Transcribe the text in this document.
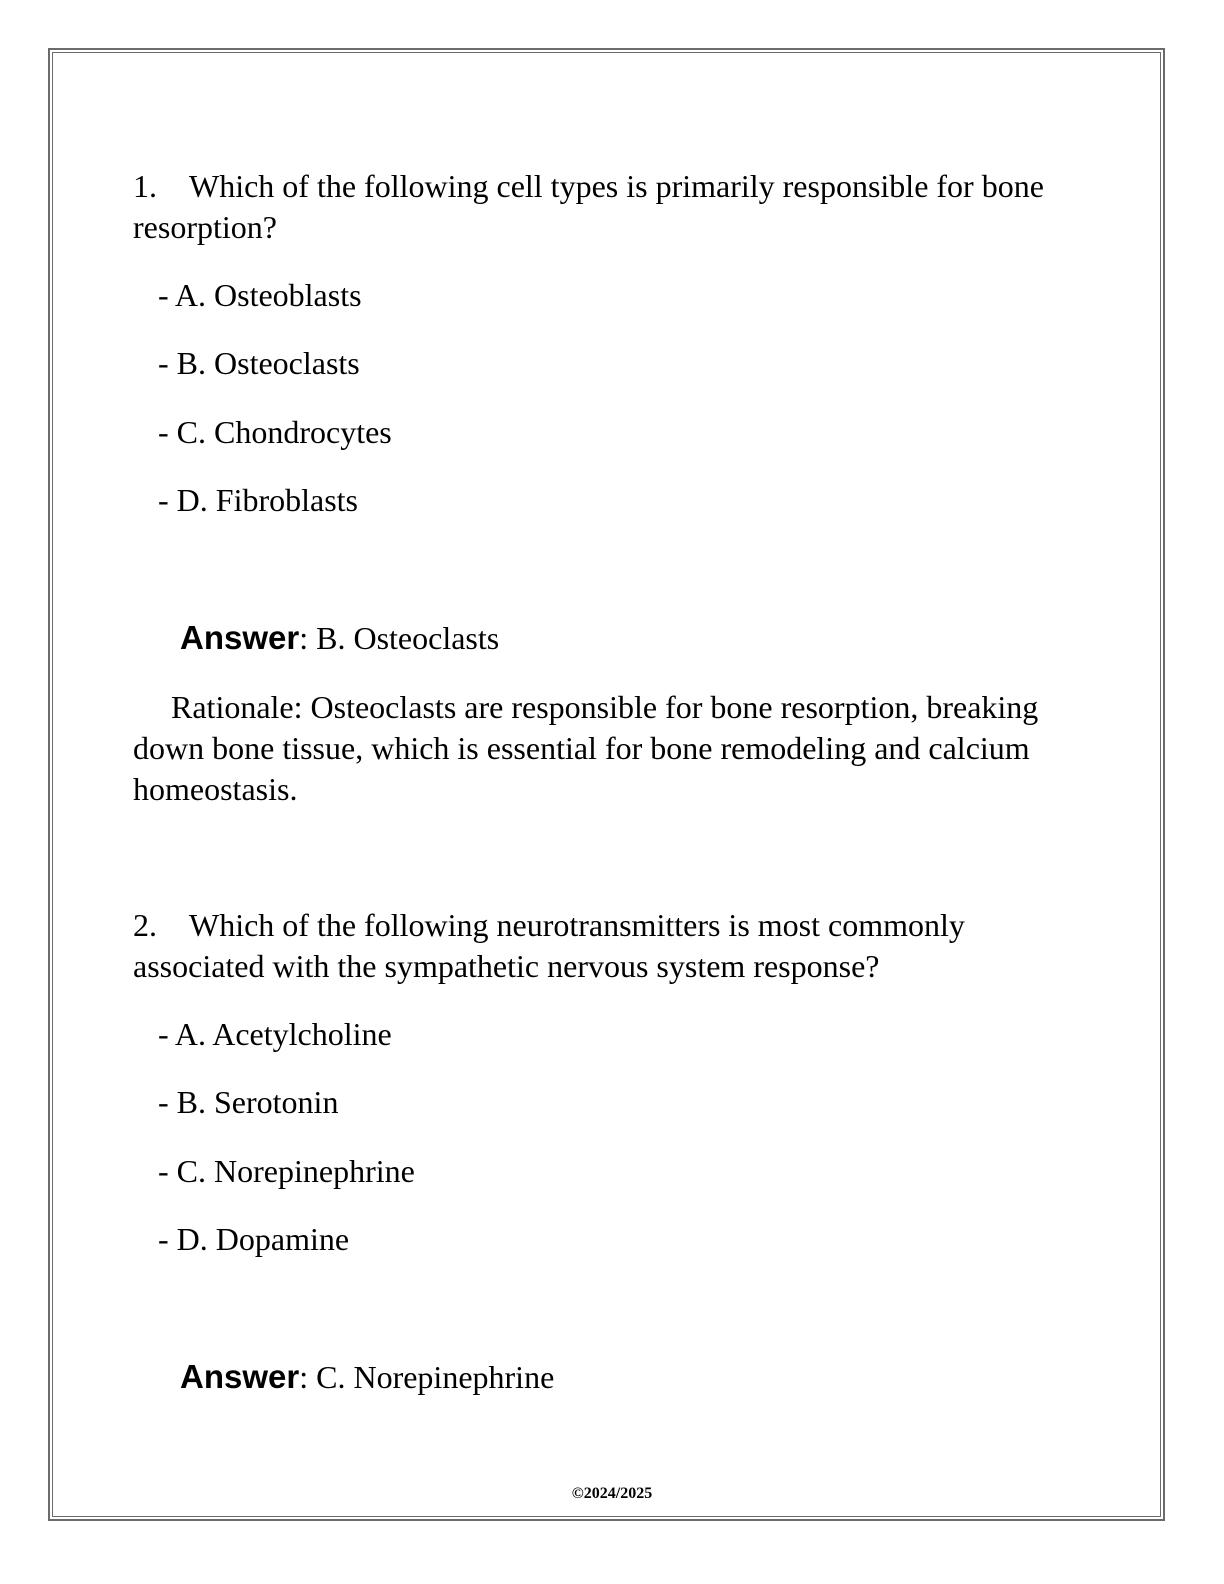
1. Which of the following cell types is primarily responsible for bone resorption?

- A. Osteoblasts

- B. Osteoclasts

- C. Chondrocytes

- D. Fibroblasts

Answer: B. Osteoclasts

Rationale: Osteoclasts are responsible for bone resorption, breaking down bone tissue, which is essential for bone remodeling and calcium homeostasis.

2. Which of the following neurotransmitters is most commonly associated with the sympathetic nervous system response?

- A. Acetylcholine

- B. Serotonin

- C. Norepinephrine

- D. Dopamine

Answer: C. Norepinephrine

©2024/2025
